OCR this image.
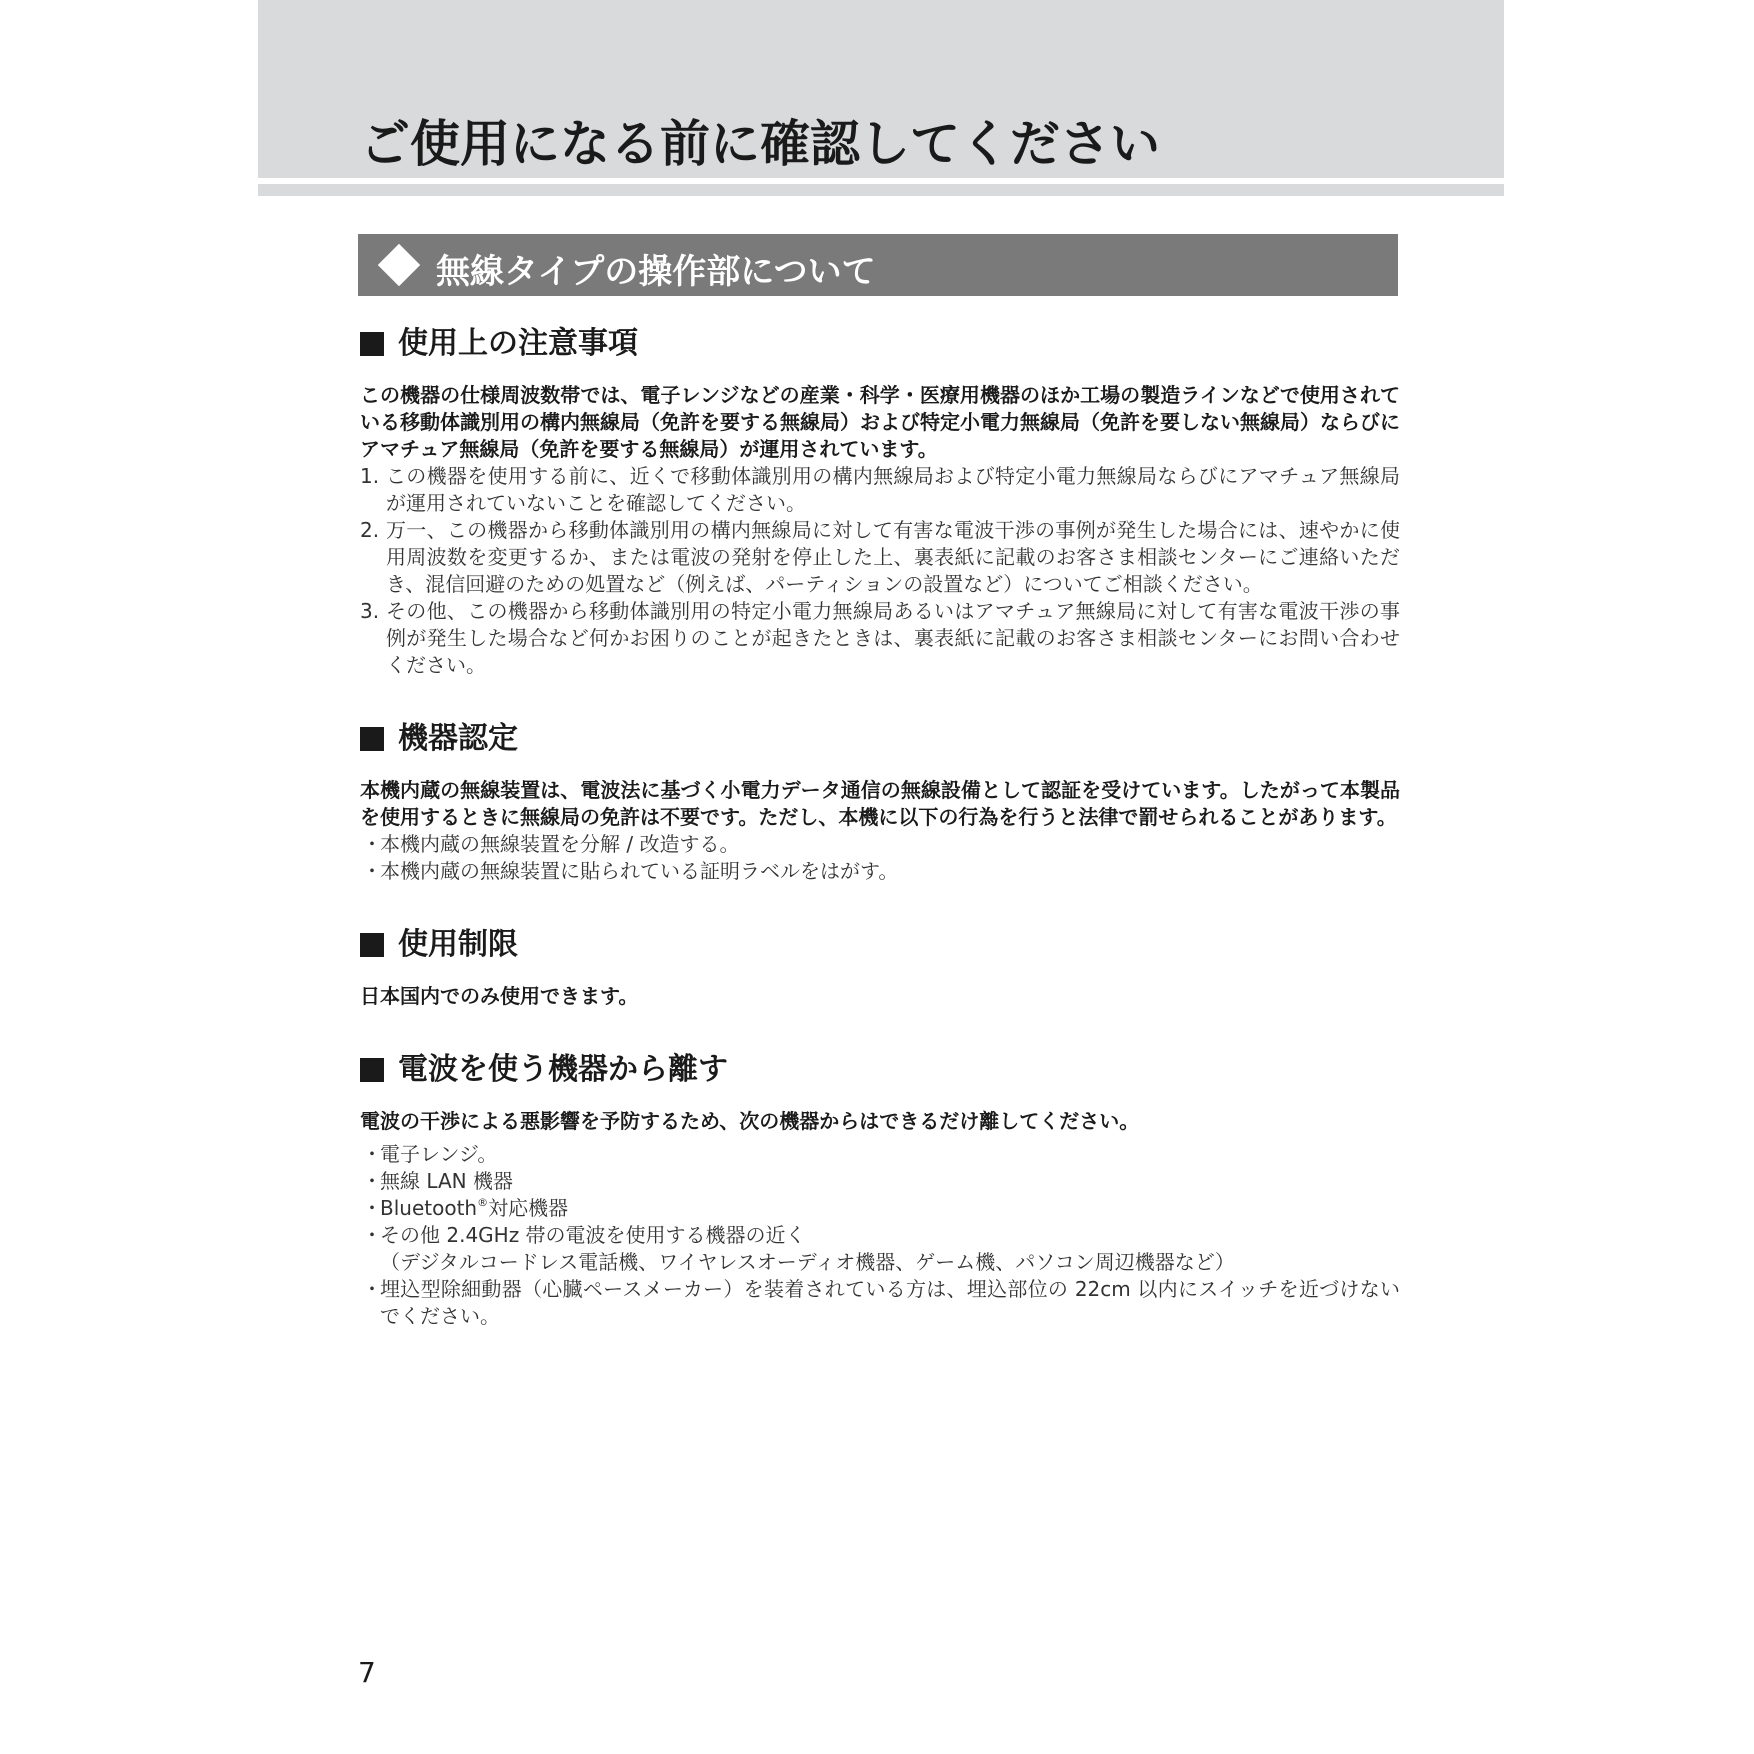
ご使用になる前に確認してください
無線タイプの操作部について
使用上の注意事項

この機器の仕様周波数帯では、電子レンジなどの産業・科学・医療用機器のほか工場の製造ラインなどで使用されている移動体識別用の構内無線局（免許を要する無線局）および特定小電力無線局（免許を要しない無線局）ならびにアマチュア無線局（免許を要する無線局）が運用されています。

1. この機器を使用する前に、近くで移動体識別用の構内無線局および特定小電力無線局ならびにアマチュア無線局が運用されていないことを確認してください。
2. 万一、この機器から移動体識別用の構内無線局に対して有害な電波干渉の事例が発生した場合には、速やかに使用周波数を変更するか、または電波の発射を停止した上、裏表紙に記載のお客さま相談センターにご連絡いただき、混信回避のための処置など（例えば、パーティションの設置など）についてご相談ください。
3. その他、この機器から移動体識別用の特定小電力無線局あるいはアマチュア無線局に対して有害な電波干渉の事例が発生した場合など何かお困りのことが起きたときは、裏表紙に記載のお客さま相談センターにお問い合わせください。
機器認定

本機内蔵の無線装置は、電波法に基づく小電力データ通信の無線設備として認証を受けています。したがって本製品を使用するときに無線局の免許は不要です。ただし、本機に以下の行為を行うと法律で罰せられることがあります。

・
本機内蔵の無線装置を分解 / 改造する。
・
本機内蔵の無線装置に貼られている証明ラベルをはがす。
使用制限

日本国内でのみ使用できます。

電波を使う機器から離す

電波の干渉による悪影響を予防するため、次の機器からはできるだけ離してください。

・
電子レンジ。
・
無線 LAN 機器
・
Bluetooth®対応機器
・
その他 2.4GHz 帯の電波を使用する機器の近く
（デジタルコードレス電話機、ワイヤレスオーディオ機器、ゲーム機、パソコン周辺機器など）
・
埋込型除細動器（心臓ペースメーカー）を装着されている方は、埋込部位の 22cm 以内にスイッチを近づけないでください。

7
